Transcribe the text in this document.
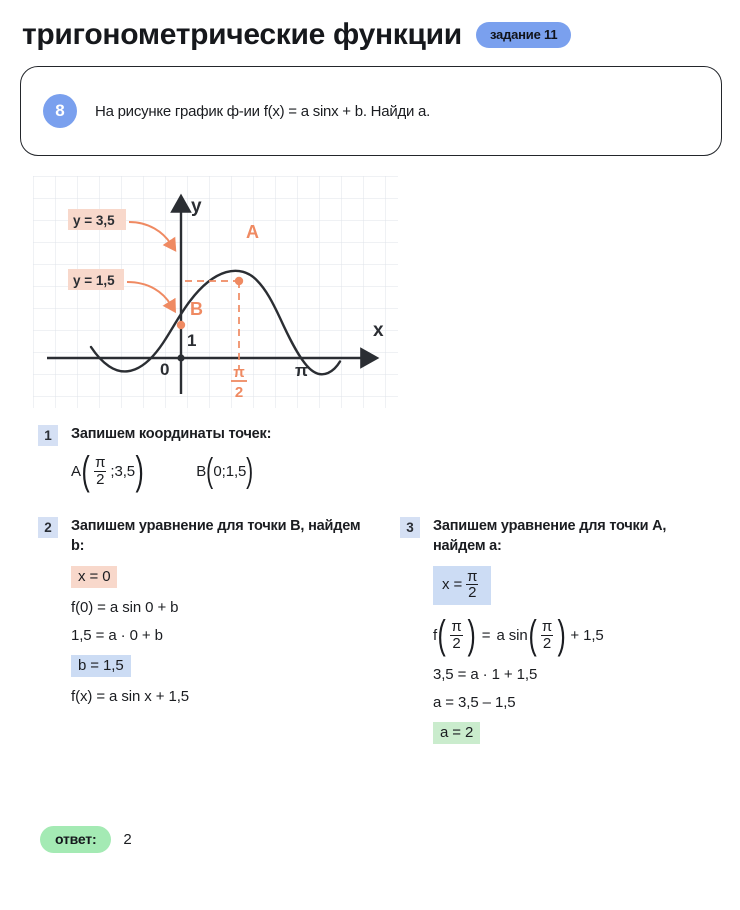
тригонометрические функции	задание 11
8	На рисунке график ф-ии f(x) = a sinx + b. Найди a.
y
x
0
1
π
π
2
A
B
y = 3,5
y = 1,5
1	Запишем координаты точек:
A ( $\frac{\pi}{2}$ ; 3,5 )	B ( 0 ; 1,5 )
2	Запишем уравнение для точки B, найдем b:
x = 0
f(0) = a sin 0 + b
1,5 = a · 0 + b
b = 1,5
f(x) = a sin x + 1,5
3	Запишем уравнение для точки A, найдем a:
$x = \frac{\pi}{2}$
f ( $\frac{\pi}{2}$ ) = a sin ( $\frac{\pi}{2}$ ) + 1,5
3,5 = a · 1 + 1,5
a = 3,5 – 1,5
a = 2
ответ:	2
